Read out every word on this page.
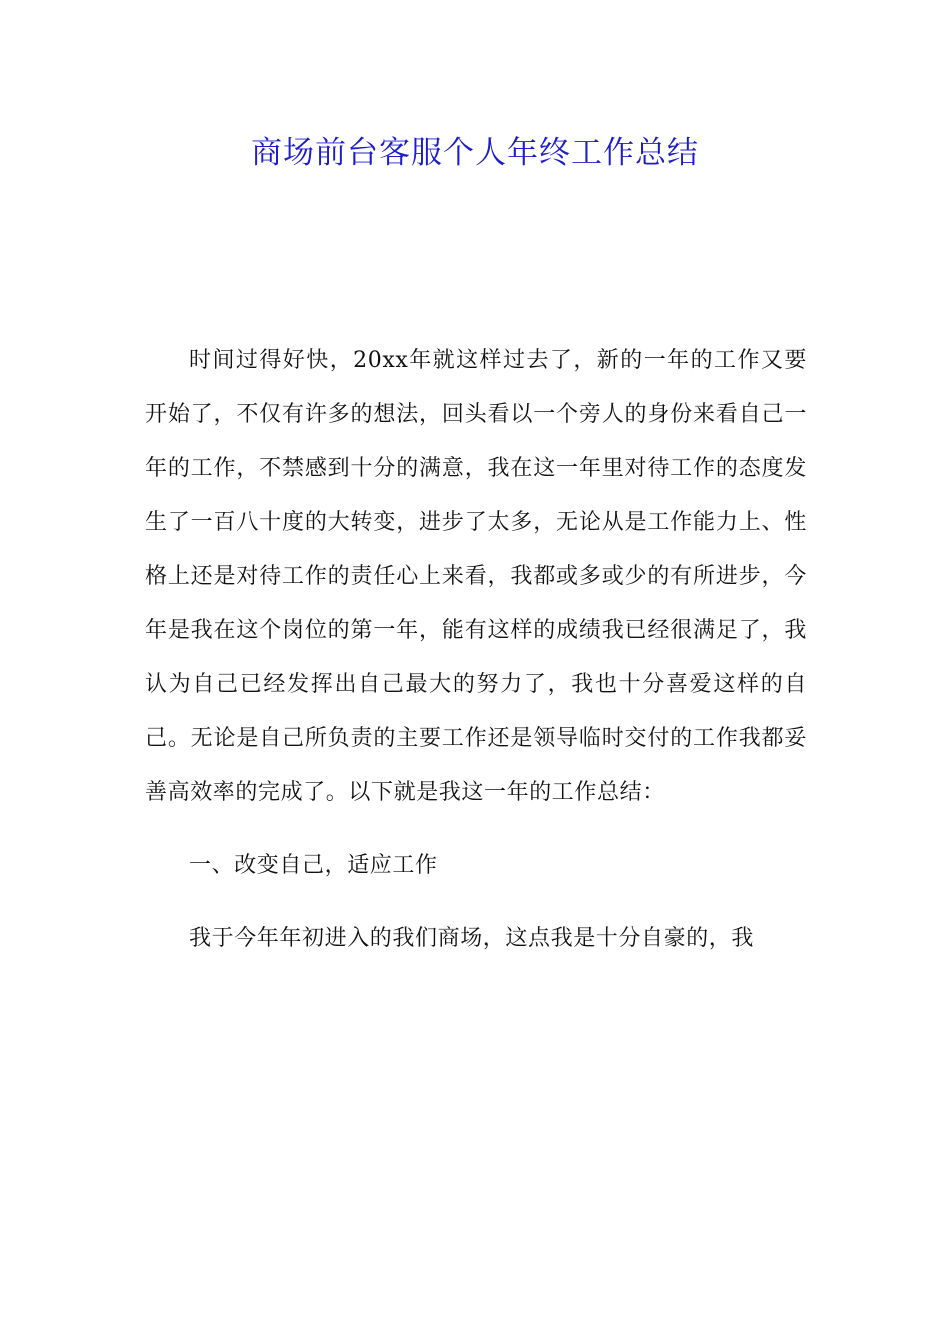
商场前台客服个人年终工作总结

时间过得好快，20xx年就这样过去了，新的一年的工作又要开始了，不仅有许多的想法，回头看以一个旁人的身份来看自己一年的工作，不禁感到十分的满意，我在这一年里对待工作的态度发生了一百八十度的大转变，进步了太多，无论从是工作能力上、性格上还是对待工作的责任心上来看，我都或多或少的有所进步，今年是我在这个岗位的第一年，能有这样的成绩我已经很满足了，我认为自己已经发挥出自己最大的努力了，我也十分喜爱这样的自己。无论是自己所负责的主要工作还是领导临时交付的工作我都妥善高效率的完成了。以下就是我这一年的工作总结：

一、改变自己，适应工作

我于今年年初进入的我们商场，这点我是十分自豪的，我
